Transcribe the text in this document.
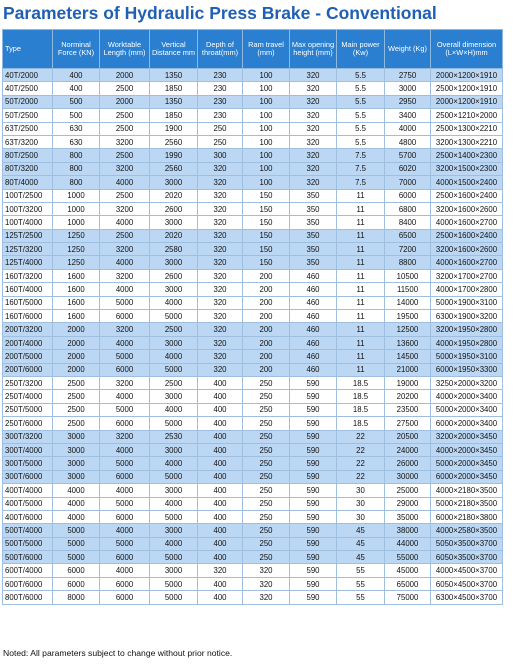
Parameters of Hydraulic Press Brake - Conventional
Type	Norminal Force (KN)	Worktable Length (mm)	Vertical Distance mm	Depth of throat(mm)	Ram travel (mm)	Max opening height (mm)	Main power (Kw)	Weight (Kg)	Overall dimension (L×W×H)mm
40T/2000	400	2000	1350	230	100	320	5.5	2750	2000×1200×1910
40T/2500	400	2500	1850	230	100	320	5.5	3000	2500×1200×1910
50T/2000	500	2000	1350	230	100	320	5.5	2950	2000×1200×1910
50T/2500	500	2500	1850	230	100	320	5.5	3400	2500×1210×2000
63T/2500	630	2500	1900	250	100	320	5.5	4000	2500×1300×2210
63T/3200	630	3200	2560	250	100	320	5.5	4800	3200×1300×2210
80T/2500	800	2500	1990	300	100	320	7.5	5700	2500×1400×2300
80T/3200	800	3200	2560	320	100	320	7.5	6020	3200×1500×2300
80T/4000	800	4000	3000	320	100	320	7.5	7000	4000×1500×2400
100T/2500	1000	2500	2020	320	150	350	11	6000	2500×1600×2400
100T/3200	1000	3200	2600	320	150	350	11	6800	3200×1600×2600
100T/4000	1000	4000	3000	320	150	350	11	8400	4000×1600×2700
125T/2500	1250	2500	2020	320	150	350	11	6500	2500×1600×2400
125T/3200	1250	3200	2580	320	150	350	11	7200	3200×1600×2600
125T/4000	1250	4000	3000	320	150	350	11	8800	4000×1600×2700
160T/3200	1600	3200	2600	320	200	460	11	10500	3200×1700×2700
160T/4000	1600	4000	3000	320	200	460	11	11500	4000×1700×2800
160T/5000	1600	5000	4000	320	200	460	11	14000	5000×1900×3100
160T/6000	1600	6000	5000	320	200	460	11	19500	6300×1900×3200
200T/3200	2000	3200	2500	320	200	460	11	12500	3200×1950×2800
200T/4000	2000	4000	3000	320	200	460	11	13600	4000×1950×2800
200T/5000	2000	5000	4000	320	200	460	11	14500	5000×1950×3100
200T/6000	2000	6000	5000	320	200	460	11	21000	6000×1950×3300
250T/3200	2500	3200	2500	400	250	590	18.5	19000	3250×2000×3200
250T/4000	2500	4000	3000	400	250	590	18.5	20200	4000×2000×3400
250T/5000	2500	5000	4000	400	250	590	18.5	23500	5000×2000×3400
250T/6000	2500	6000	5000	400	250	590	18.5	27500	6000×2000×3400
300T/3200	3000	3200	2530	400	250	590	22	20500	3200×2000×3450
300T/4000	3000	4000	3000	400	250	590	22	24000	4000×2000×3450
300T/5000	3000	5000	4000	400	250	590	22	26000	5000×2000×3450
300T/6000	3000	6000	5000	400	250	590	22	30000	6000×2000×3450
400T/4000	4000	4000	3000	400	250	590	30	25000	4000×2180×3500
400T/5000	4000	5000	4000	400	250	590	30	29000	5000×2180×3500
400T/6000	4000	6000	5000	400	250	590	30	35000	6000×2180×3800
500T/4000	5000	4000	3000	400	250	590	45	38000	4000×2580×3500
500T/5000	5000	5000	4000	400	250	590	45	44000	5050×3500×3700
500T/6000	5000	6000	5000	400	250	590	45	55000	6050×3500×3700
600T/4000	6000	4000	3000	320	320	590	55	45000	4000×4500×3700
600T/6000	6000	6000	5000	400	320	590	55	65000	6050×4500×3700
800T/6000	8000	6000	5000	400	320	590	55	75000	6300×4500×3700
Noted: All parameters subject to change without prior notice.
